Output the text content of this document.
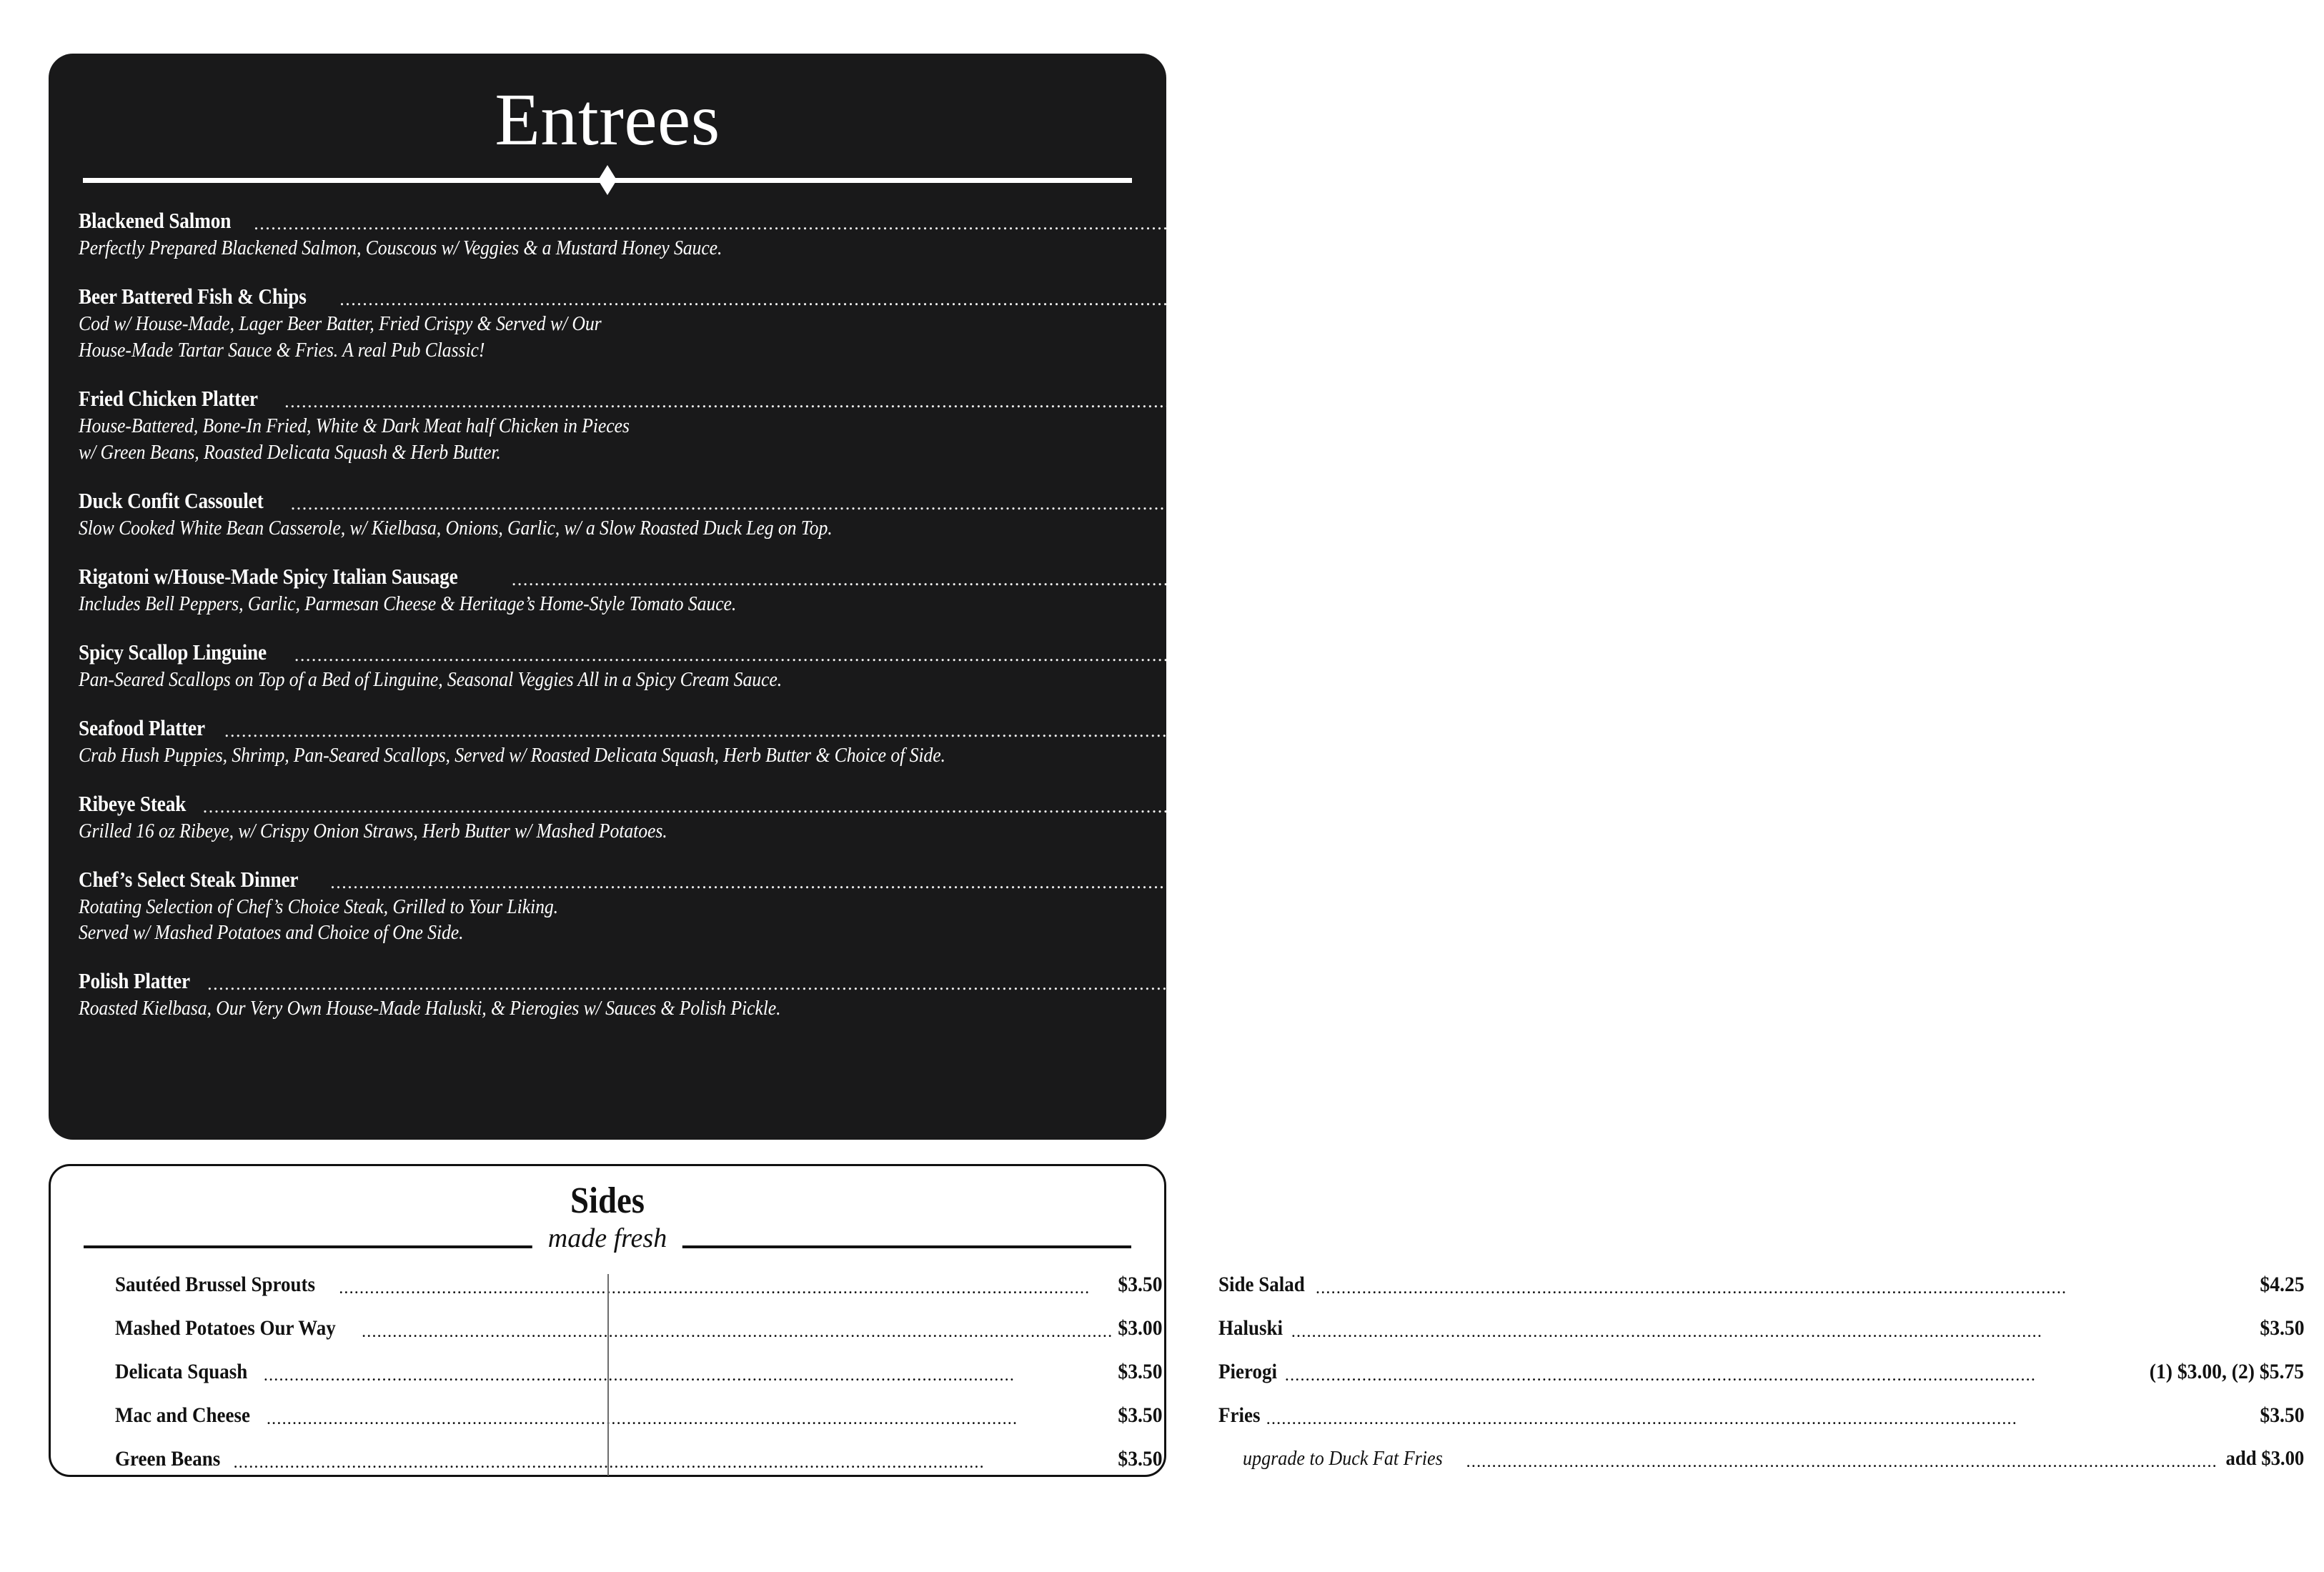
Entrees
Blackened Salmon .....	$19.95
Perfectly Prepared Blackened Salmon, Couscous w/ Veggies & a Mustard Honey Sauce.
Beer Battered Fish & Chips .....	$15.95
Cod w/ House-Made, Lager Beer Batter, Fried Crispy & Served w/ Our
House-Made Tartar Sauce & Fries. A real Pub Classic!
Fried Chicken Platter .....	$13.95
House-Battered, Bone-In Fried, White & Dark Meat half Chicken in Pieces
w/ Green Beans, Roasted Delicata Squash & Herb Butter.
Duck Confit Cassoulet .....	$21.95
Slow Cooked White Bean Casserole, w/ Kielbasa, Onions, Garlic, w/ a Slow Roasted Duck Leg on Top.
Rigatoni w/House-Made Spicy Italian Sausage .....	$13.95
Includes Bell Peppers, Garlic, Parmesan Cheese & Heritage’s Home-Style Tomato Sauce.
Spicy Scallop Linguine .....	$18.95
Pan-Seared Scallops on Top of a Bed of Linguine, Seasonal Veggies All in a Spicy Cream Sauce.
Seafood Platter .....	$27.95
Crab Hush Puppies, Shrimp, Pan-Seared Scallops, Served w/ Roasted Delicata Squash, Herb Butter & Choice of Side.
Ribeye Steak .....	$38.95
Grilled 16 oz Ribeye, w/ Crispy Onion Straws, Herb Butter w/ Mashed Potatoes.
Chef’s Select Steak Dinner .....	Market Price
Rotating Selection of Chef’s Choice Steak, Grilled to Your Liking.
Served w/ Mashed Potatoes and Choice of One Side.
Polish Platter .....	$13.95
Roasted Kielbasa, Our Very Own House-Made Haluski, & Pierogies w/ Sauces & Polish Pickle.
Sides
made fresh
Sautéed Brussel Sprouts .....	$3.50
Mashed Potatoes Our Way .....	$3.00
Delicata Squash .....	$3.50
Mac and Cheese .....	$3.50
Green Beans .....	$3.50
Side Salad .....	$4.25
Haluski .....	$3.50
Pierogi .....	(1) $3.00, (2) $5.75
Fries .....	$3.50
upgrade to Duck Fat Fries .....	add $3.00
